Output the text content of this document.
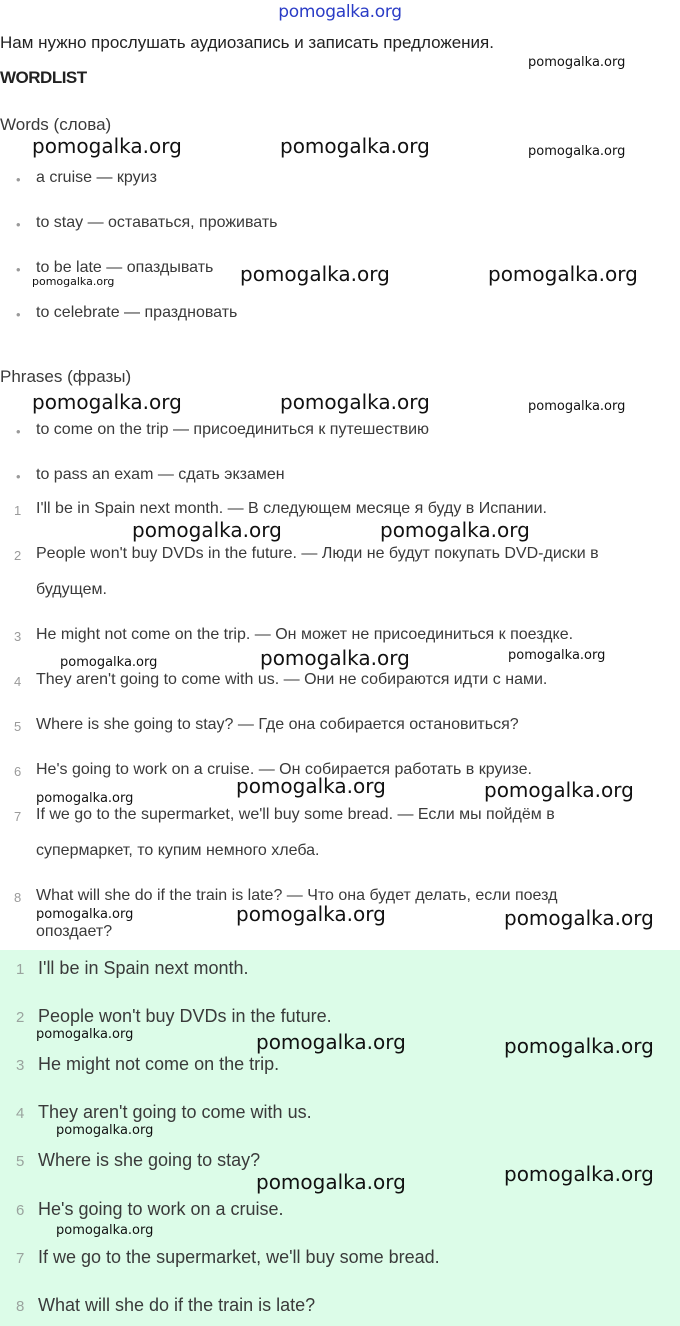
pomogalka.org
Нам нужно прослушать аудиозапись и записать предложения.
WORDLIST
Words (слова)
• a cruise — круиз
• to stay — оставаться, проживать
• to be late — опаздывать
• to celebrate — праздновать
Phrases (фразы)
• to come on the trip — присоединиться к путешествию
• to pass an exam — сдать экзамен
1 I'll be in Spain next month. — В следующем месяце я буду в Испании.
2 People won't buy DVDs in the future. — Люди не будут покупать DVD-диски в
будущем.
3 He might not come on the trip. — Он может не присоединиться к поездке.
4 They aren't going to come with us. — Они не собираются идти с нами.
5 Where is she going to stay? — Где она собирается остановиться?
6 He's going to work on a cruise. — Он собирается работать в круизе.
7 If we go to the supermarket, we'll buy some bread. — Если мы пойдём в
супермаркет, то купим немного хлеба.
8 What will she do if the train is late? — Что она будет делать, если поезд
опоздает?
1 I'll be in Spain next month.
2 People won't buy DVDs in the future.
3 He might not come on the trip.
4 They aren't going to come with us.
5 Where is she going to stay?
6 He's going to work on a cruise.
7 If we go to the supermarket, we'll buy some bread.
8 What will she do if the train is late?
pomogalka.org
pomogalka.org	pomogalka.org	pomogalka.org
pomogalka.org	pomogalka.org	pomogalka.org
pomogalka.org	pomogalka.org	pomogalka.org
pomogalka.org	pomogalka.org
pomogalka.org	pomogalka.org	pomogalka.org
pomogalka.org
pomogalka.org	pomogalka.org
pomogalka.org	pomogalka.org	pomogalka.org
pomogalka.org	pomogalka.org	pomogalka.org
pomogalka.org
pomogalka.org	pomogalka.org
pomogalka.org
